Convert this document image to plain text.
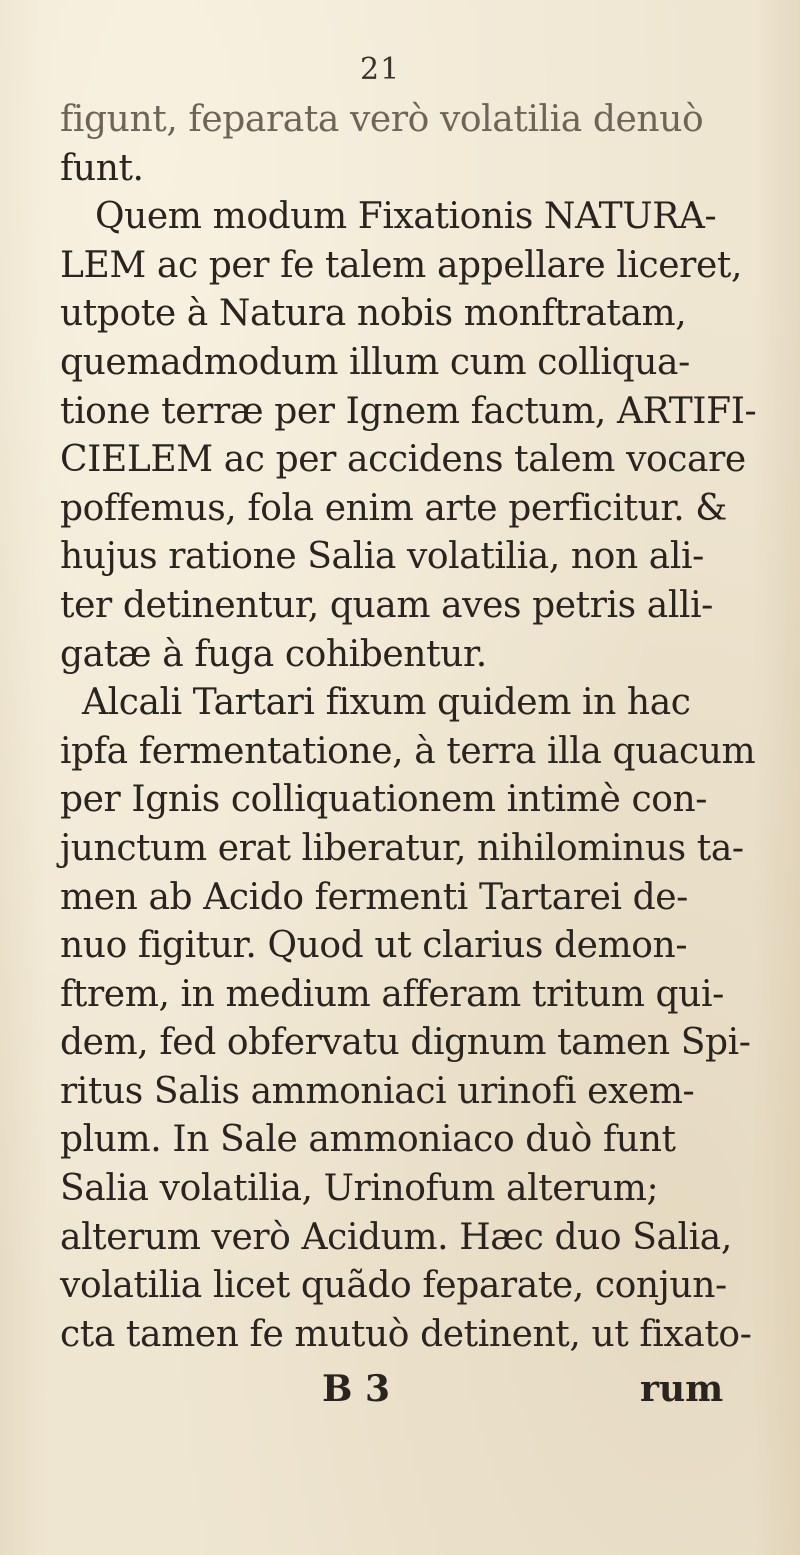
21
figunt, feparata verò volatilia denuò
funt.
Quem modum Fixationis NATURA-
LEM ac per fe talem appellare liceret,
utpote à Natura nobis monftratam,
quemadmodum illum cum colliqua-
tione terræ per Ignem factum, ARTIFI-
CIELEM ac per accidens talem vocare
poffemus, fola enim arte perficitur. &
hujus ratione Salia volatilia, non ali-
ter detinentur, quam aves petris alli-
gatæ à fuga cohibentur.
Alcali Tartari fixum quidem in hac
ipfa fermentatione, à terra illa quacum
per Ignis colliquationem intimè con-
junctum erat liberatur, nihilominus ta-
men ab Acido fermenti Tartarei de-
nuo figitur. Quod ut clarius demon-
ftrem, in medium afferam tritum qui-
dem, fed obfervatu dignum tamen Spi-
ritus Salis ammoniaci urinofi exem-
plum. In Sale ammoniaco duò funt
Salia volatilia, Urinofum alterum;
alterum verò Acidum. Hæc duo Salia,
volatilia licet quãdo feparate, conjun-
cta tamen fe mutuò detinent, ut fixato-
B 3	rum
